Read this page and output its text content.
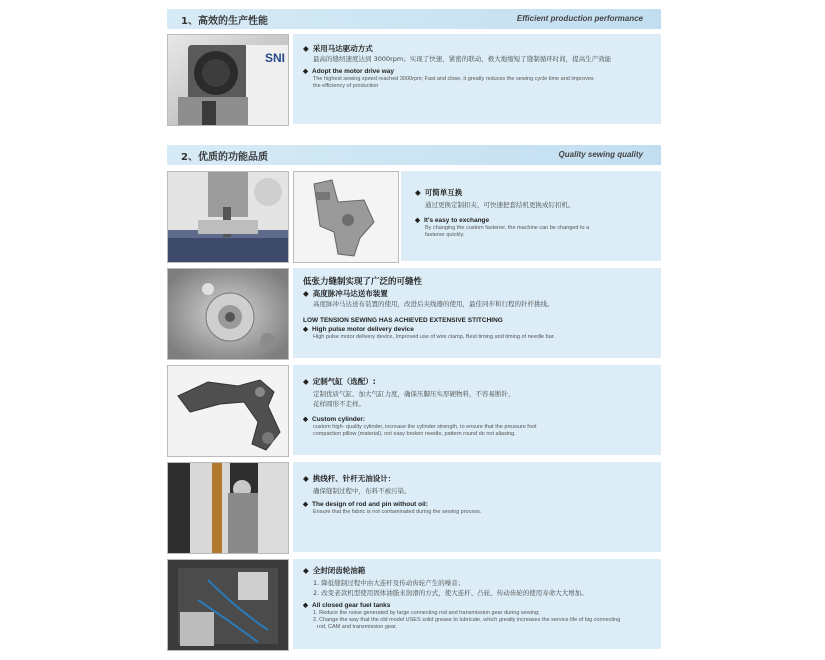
1、高效的生产性能	Efficient production performance
SNI
◆ 采用马达驱动方式
最高的缝纫速度达到 3000rpm；实现了快速，紧密的联动，极大地缩短了缝制循环时间，提高生产效能
◆ Adopt the motor drive way
The highest sewing speed reached 3000rpm; Fast and close, it greatly reduces the sewing cycle time and improves
the efficiency of production
2、优质的功能品质	Quality sewing quality
◆ 可简单互换
通过更换定制扣夹，可快速把套结机更换成钉扣机。
◆ It's easy to exchange
By changing the custom fastener, the machine can be changed to a
fastener quickly.
低张力缝制实现了广泛的可缝性
◆ 高度脉冲马达送布装置
高度脉冲马达送布装置的使用，改进后夹线器的使用，最佳同步和行程的针杆挑线。
LOW TENSION SEWING HAS ACHIEVED EXTENSIVE STITCHING
◆ High pulse motor delivery device
High pulse motor delivery device, Improved use of wire clamp, Best timing and timing of needle bar.
◆ 定制气缸（选配）:
定制优质气缸、加大气缸力度，确保压脚压实厚硬物料，不容易断针，
花样圆形不走样。
◆ Custom cylinder:
custom high- quality cylinder, increase the cylinder strength, to ensure that the pressure foot
compaction pillow (material), not easy broken needle, pattern round do not aliasing.
◆ 挑线杆、针杆无油设计：
确保缝制过程中，布料不被污染。
◆ The design of rod and pin without oil:
Ensure that the fabric is not contaminated during the sewing process.
◆ 全封闭齿轮油箱
1. 降低缝制过程中由大连杆及传动齿轮产生的噪音；
2. 改变老款机型使用固体油脂来润滑的方式，使大连杆、凸轮、传动齿轮的使用寿命大大增加。
◆ All closed gear fuel tanks
1. Reduce the noise generated by large connecting rod and transmission gear during sewing;
2. Change the way that the old model USES solid grease to lubricate, which greatly increases the service life of big connecting
rod, CAM and transmission gear.
